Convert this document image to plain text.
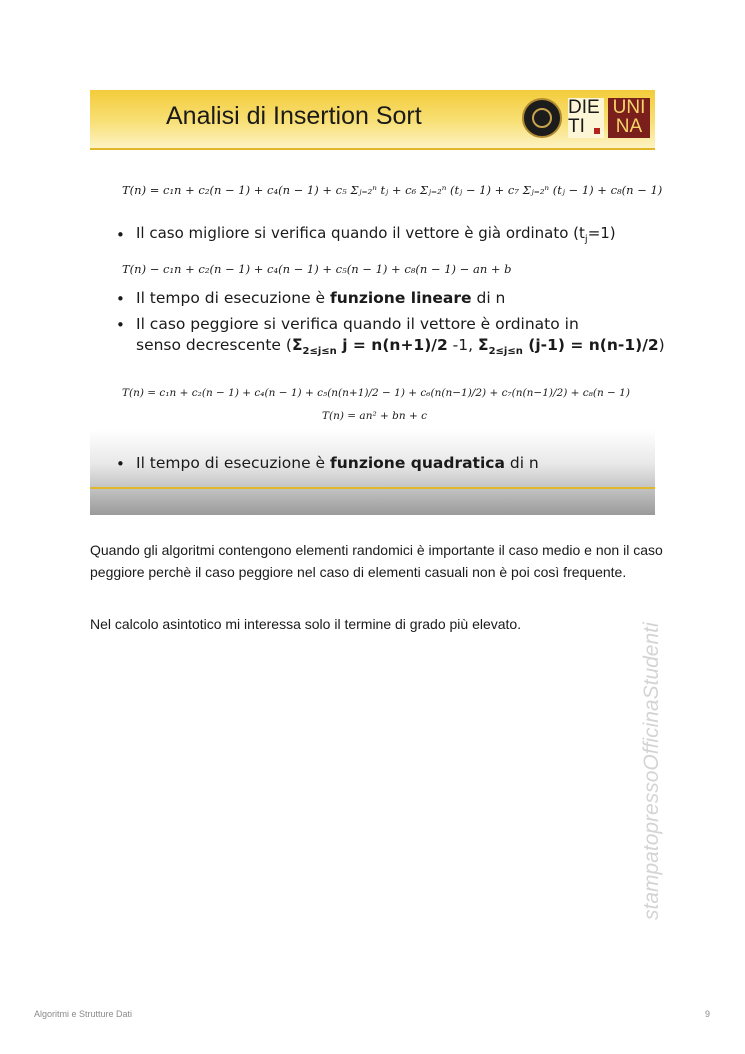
Analisi di Insertion Sort	DIE
TI
UNI
NA
T(n) = c₁n + c₂(n − 1) + c₄(n − 1) + c₅ Σⱼ₌₂ⁿ tⱼ + c₆ Σⱼ₌₂ⁿ (tⱼ − 1) + c₇ Σⱼ₌₂ⁿ (tⱼ − 1) + c₈(n − 1)
• Il caso migliore si verifica quando il vettore è già ordinato $(t_j=1)$
T(n) − c₁n + c₂(n − 1) + c₄(n − 1) + c₅(n − 1) + c₈(n − 1) − an + b
• Il tempo di esecuzione è funzione lineare di n
• Il caso peggiore si verifica quando il vettore è ordinato in
senso decrescente ($\Sigma_{2\le j\le n}$ j = n(n+1)/2 -1, $\Sigma_{2\le j\le n}$ (j-1) = n(n-1)/2)
T(n) = c₁n + c₂(n − 1) + c₄(n − 1) + c₅(n(n+1)/2 − 1) + c₆(n(n−1)/2) + c₇(n(n−1)/2) + c₈(n − 1)
T(n) = an² + bn + c
• Il tempo di esecuzione è funzione quadratica di n
Quando gli algoritmi contengono elementi randomici è importante il caso medio e non il caso peggiore perchè il caso peggiore nel caso di elementi casuali non è poi così frequente.
Nel calcolo asintotico mi interessa solo il termine di grado più elevato.	stampatopressoOfficinaStudenti
Algoritmi e Strutture Dati	9
